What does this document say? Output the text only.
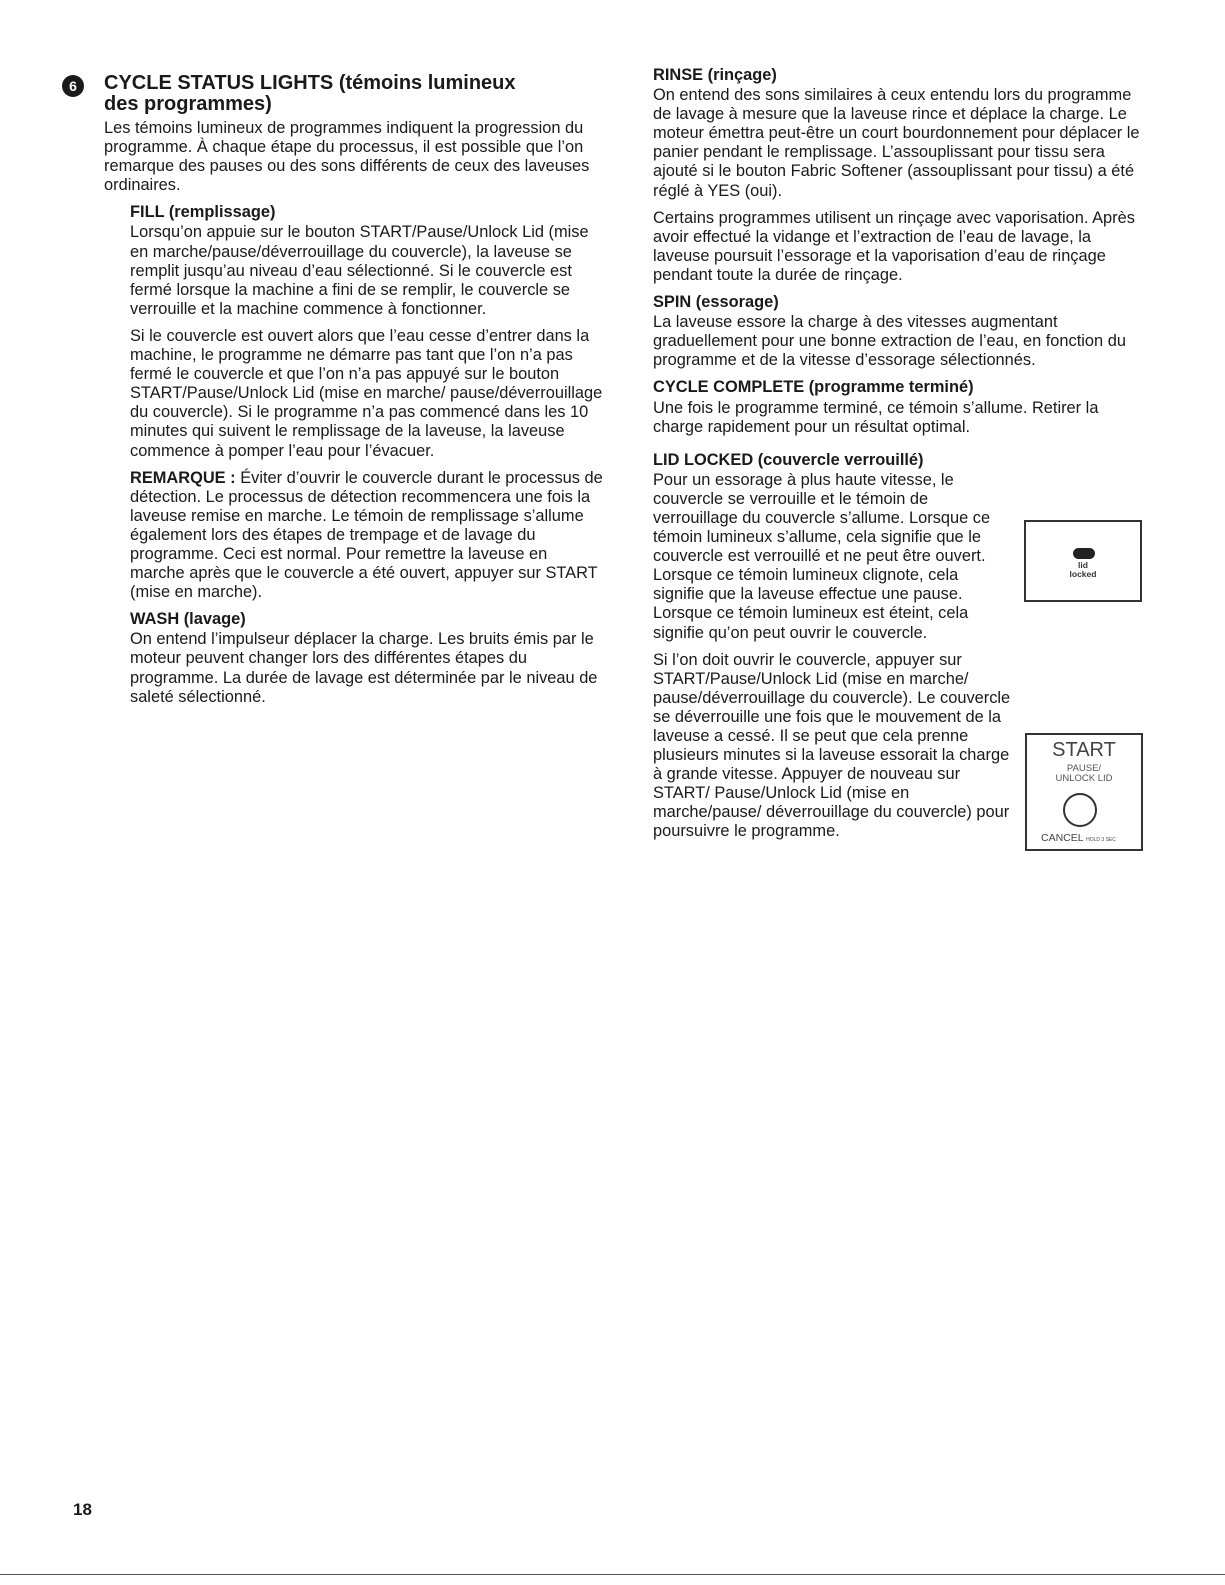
6	CYCLE STATUS LIGHTS (témoins lumineux
des programmes)

Les témoins lumineux de programmes indiquent la progression du programme. À chaque étape du processus, il est possible que l’on remarque des pauses ou des sons différents de ceux des laveuses ordinaires.

FILL (remplissage)

Lorsqu’on appuie sur le bouton START/Pause/Unlock Lid (mise en marche/pause/déverrouillage du couvercle), la laveuse se remplit jusqu’au niveau d’eau sélectionné. Si le couvercle est fermé lorsque la machine a fini de se remplir, le couvercle se verrouille et la machine commence à fonctionner.

Si le couvercle est ouvert alors que l’eau cesse d’entrer dans la machine, le programme ne démarre pas tant que l’on n’a pas fermé le couvercle et que l’on n’a pas appuyé sur le bouton START/Pause/Unlock Lid (mise en marche/ pause/déverrouillage du couvercle). Si le programme n’a pas commencé dans les 10 minutes qui suivent le remplissage de la laveuse, la laveuse commence à pomper l’eau pour l’évacuer.

REMARQUE : Éviter d’ouvrir le couvercle durant le processus de détection. Le processus de détection recommencera une fois la laveuse remise en marche. Le témoin de remplissage s’allume également lors des étapes de trempage et de lavage du programme. Ceci est normal. Pour remettre la laveuse en marche après que le couvercle a été ouvert, appuyer sur START (mise en marche).

WASH (lavage)

On entend l’impulseur déplacer la charge. Les bruits émis par le moteur peuvent changer lors des différentes étapes du programme. La durée de lavage est déterminée par le niveau de saleté sélectionné.

RINSE (rinçage)

On entend des sons similaires à ceux entendu lors du programme de lavage à mesure que la laveuse rince et déplace la charge. Le moteur émettra peut-être un court bourdonnement pour déplacer le panier pendant le remplissage. L’assouplissant pour tissu sera ajouté si le bouton Fabric Softener (assouplissant pour tissu) a été réglé à YES (oui).

Certains programmes utilisent un rinçage avec vaporisation. Après avoir effectué la vidange et l’extraction de l’eau de lavage, la laveuse poursuit l’essorage et la vaporisation d’eau de rinçage pendant toute la durée de rinçage.

SPIN (essorage)

La laveuse essore la charge à des vitesses augmentant graduellement pour une bonne extraction de l’eau, en fonction du programme et de la vitesse d’essorage sélectionnés.

CYCLE COMPLETE (programme terminé)

Une fois le programme terminé, ce témoin s’allume. Retirer la charge rapidement pour un résultat optimal.

LID LOCKED (couvercle verrouillé)

Pour un essorage à plus haute vitesse, le couvercle se verrouille et le témoin de verrouillage du couvercle s’allume. Lorsque ce témoin lumineux s’allume, cela signifie que le couvercle est verrouillé et ne peut être ouvert. Lorsque ce témoin lumineux clignote, cela signifie que la laveuse effectue une pause. Lorsque ce témoin lumineux est éteint, cela signifie qu’on peut ouvrir le couvercle.

Si l’on doit ouvrir le couvercle, appuyer sur START/Pause/Unlock Lid (mise en marche/ pause/déverrouillage du couvercle). Le couvercle se déverrouille une fois que le mouvement de la laveuse a cessé. Il se peut que cela prenne plusieurs minutes si la laveuse essorait la charge à grande vitesse. Appuyer de nouveau sur START/ Pause/Unlock Lid (mise en marche/pause/ déverrouillage du couvercle) pour poursuivre le programme.

lid
locked
START
PAUSE/
UNLOCK LID
CANCEL HOLD 3 SEC
18
